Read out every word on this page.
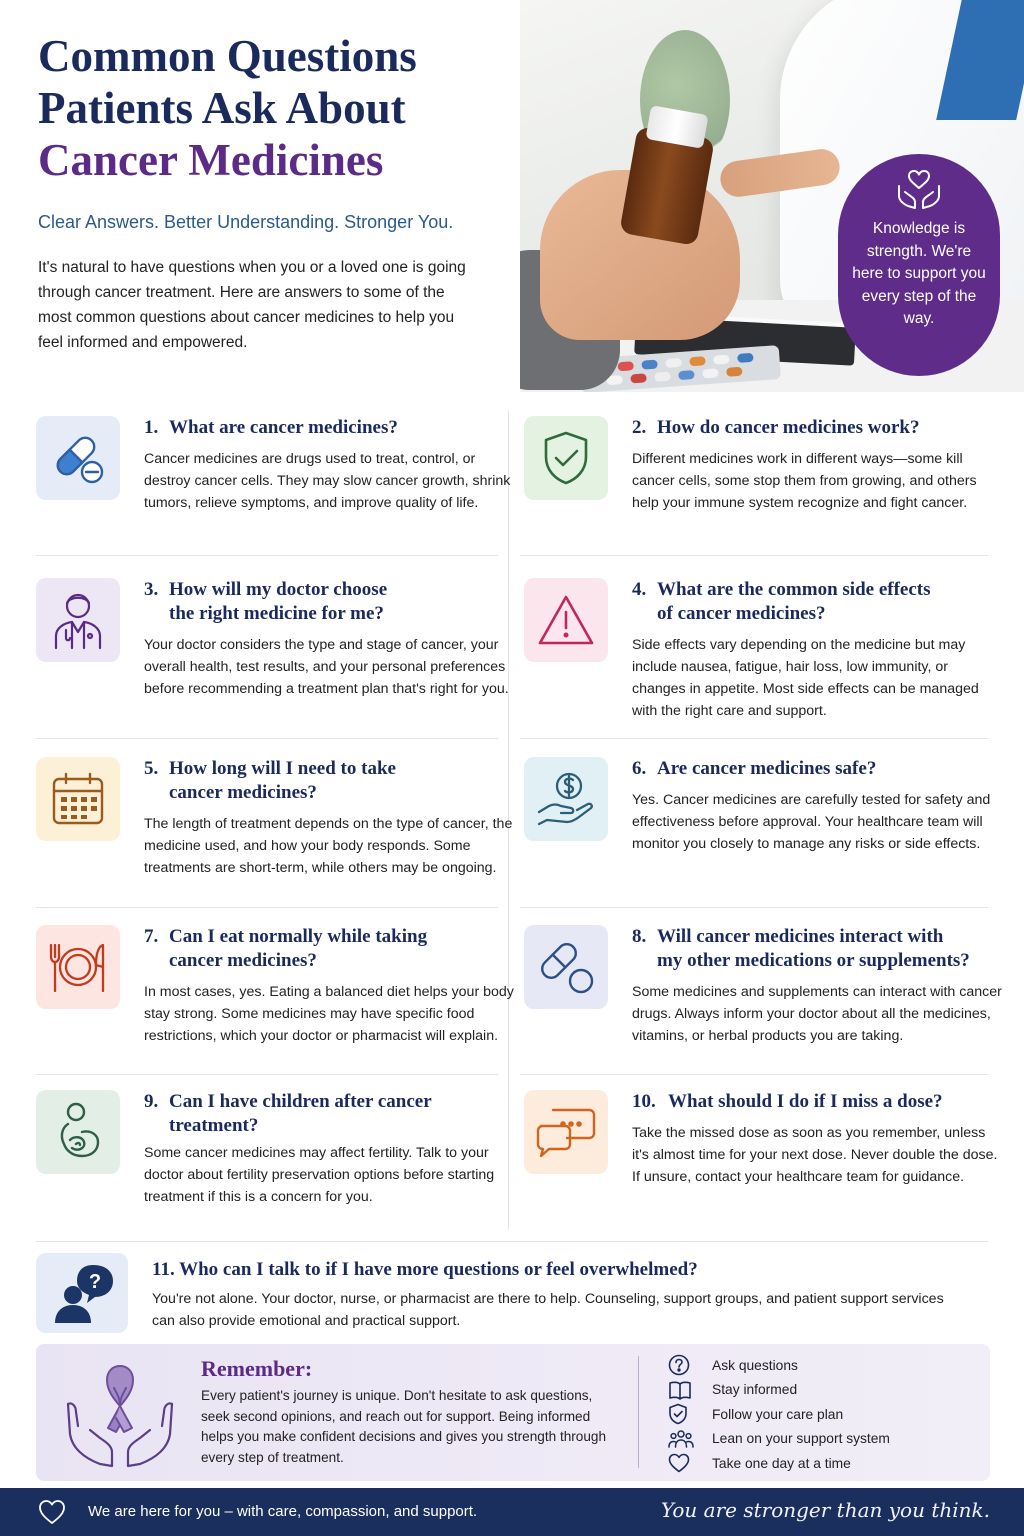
Common Questions
Patients Ask About
Cancer Medicines
Clear Answers. Better Understanding. Stronger You.

It's natural to have questions when you or a loved one is going through cancer treatment. Here are answers to some of the most common questions about cancer medicines to help you feel informed and empowered.

Knowledge is strength. We're here to support you every step of the way.
1. What are cancer medicines?
Cancer medicines are drugs used to treat, control, or destroy cancer cells. They may slow cancer growth, shrink tumors, relieve symptoms, and improve quality of life.
2. How do cancer medicines work?
Different medicines work in different ways—some kill cancer cells, some stop them from growing, and others help your immune system recognize and fight cancer.
3. How will my doctor choose
the right medicine for me?
Your doctor considers the type and stage of cancer, your overall health, test results, and your personal preferences before recommending a treatment plan that's right for you.
4. What are the common side effects
of cancer medicines?
Side effects vary depending on the medicine but may include nausea, fatigue, hair loss, low immunity, or changes in appetite. Most side effects can be managed with the right care and support.
5. How long will I need to take
cancer medicines?
The length of treatment depends on the type of cancer, the medicine used, and how your body responds. Some treatments are short-term, while others may be ongoing.
6. Are cancer medicines safe?
Yes. Cancer medicines are carefully tested for safety and effectiveness before approval. Your healthcare team will monitor you closely to manage any risks or side effects.
7. Can I eat normally while taking
cancer medicines?
In most cases, yes. Eating a balanced diet helps your body stay strong. Some medicines may have specific food restrictions, which your doctor or pharmacist will explain.
8. Will cancer medicines interact with
my other medications or supplements?
Some medicines and supplements can interact with cancer drugs. Always inform your doctor about all the medicines, vitamins, or herbal products you are taking.
9. Can I have children after cancer
treatment?
Some cancer medicines may affect fertility. Talk to your doctor about fertility preservation options before starting treatment if this is a concern for you.
10. What should I do if I miss a dose?
Take the missed dose as soon as you remember, unless it's almost time for your next dose. Never double the dose. If unsure, contact your healthcare team for guidance.
?
11. Who can I talk to if I have more questions or feel overwhelmed?
You're not alone. Your doctor, nurse, or pharmacist are there to help. Counseling, support groups, and patient support services can also provide emotional and practical support.
Remember:
Every patient's journey is unique. Don't hesitate to ask questions, seek second opinions, and reach out for support. Being informed helps you make confident decisions and gives you strength through every step of treatment.
Ask questions
Stay informed
Follow your care plan
Lean on your support system
Take one day at a time
We are here for you – with care, compassion, and support.	You are stronger than you think.
